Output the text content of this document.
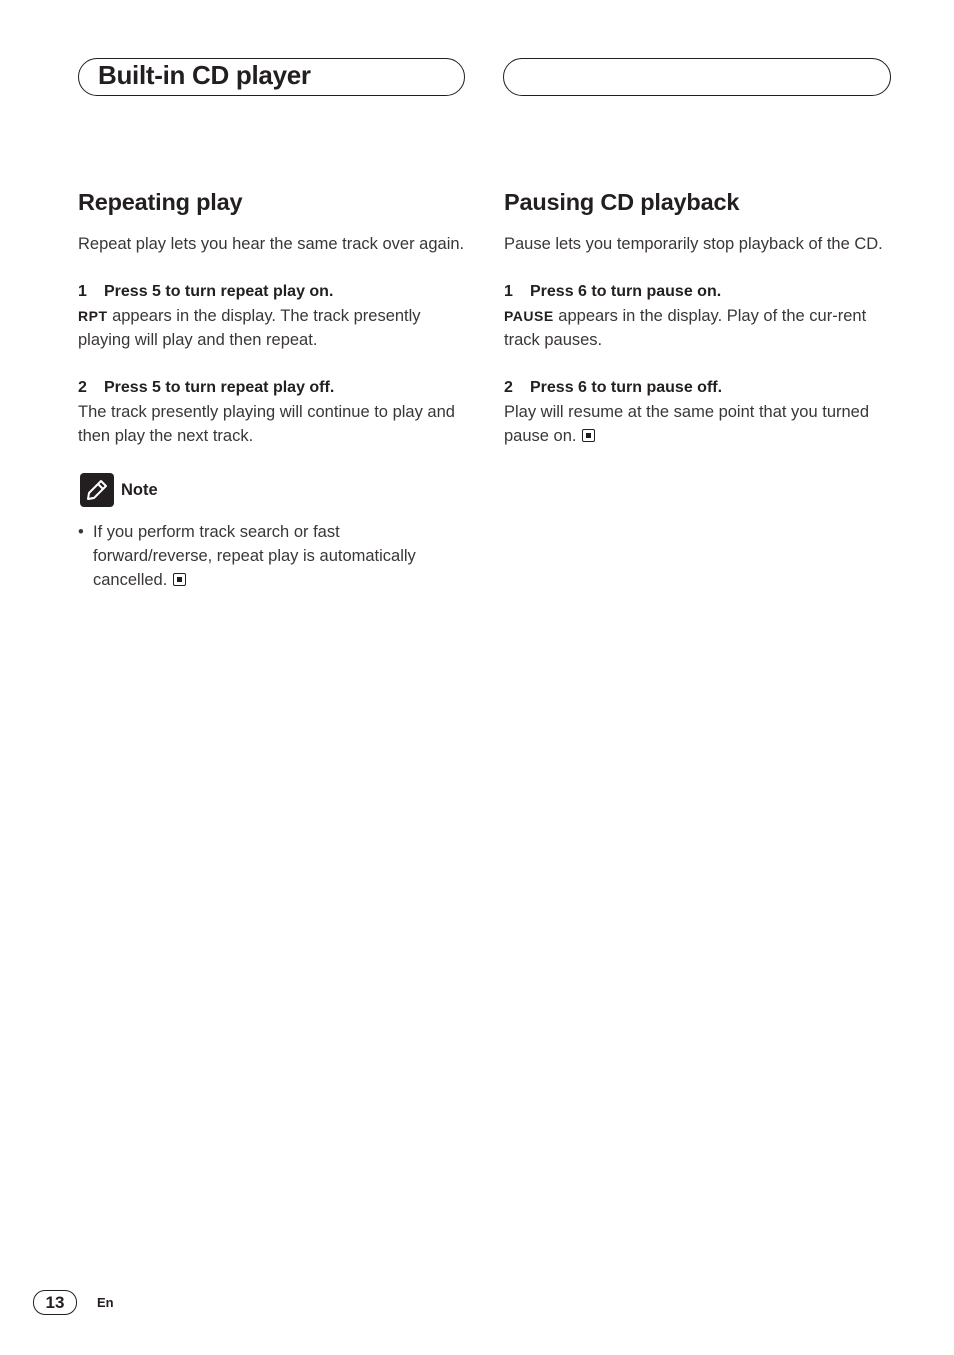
Built-in CD player
Repeating play

Repeat play lets you hear the same track over again.

1 Press 5 to turn repeat play on.

RPT appears in the display. The track presently playing will play and then repeat.

2 Press 5 to turn repeat play off.

The track presently playing will continue to play and then play the next track.

Note
• If you perform track search or fast forward/reverse, repeat play is automatically cancelled.

Pausing CD playback

Pause lets you temporarily stop playback of the CD.

1 Press 6 to turn pause on.

PAUSE appears in the display. Play of the cur-rent track pauses.

2 Press 6 to turn pause off.

Play will resume at the same point that you turned pause on.

13	En
